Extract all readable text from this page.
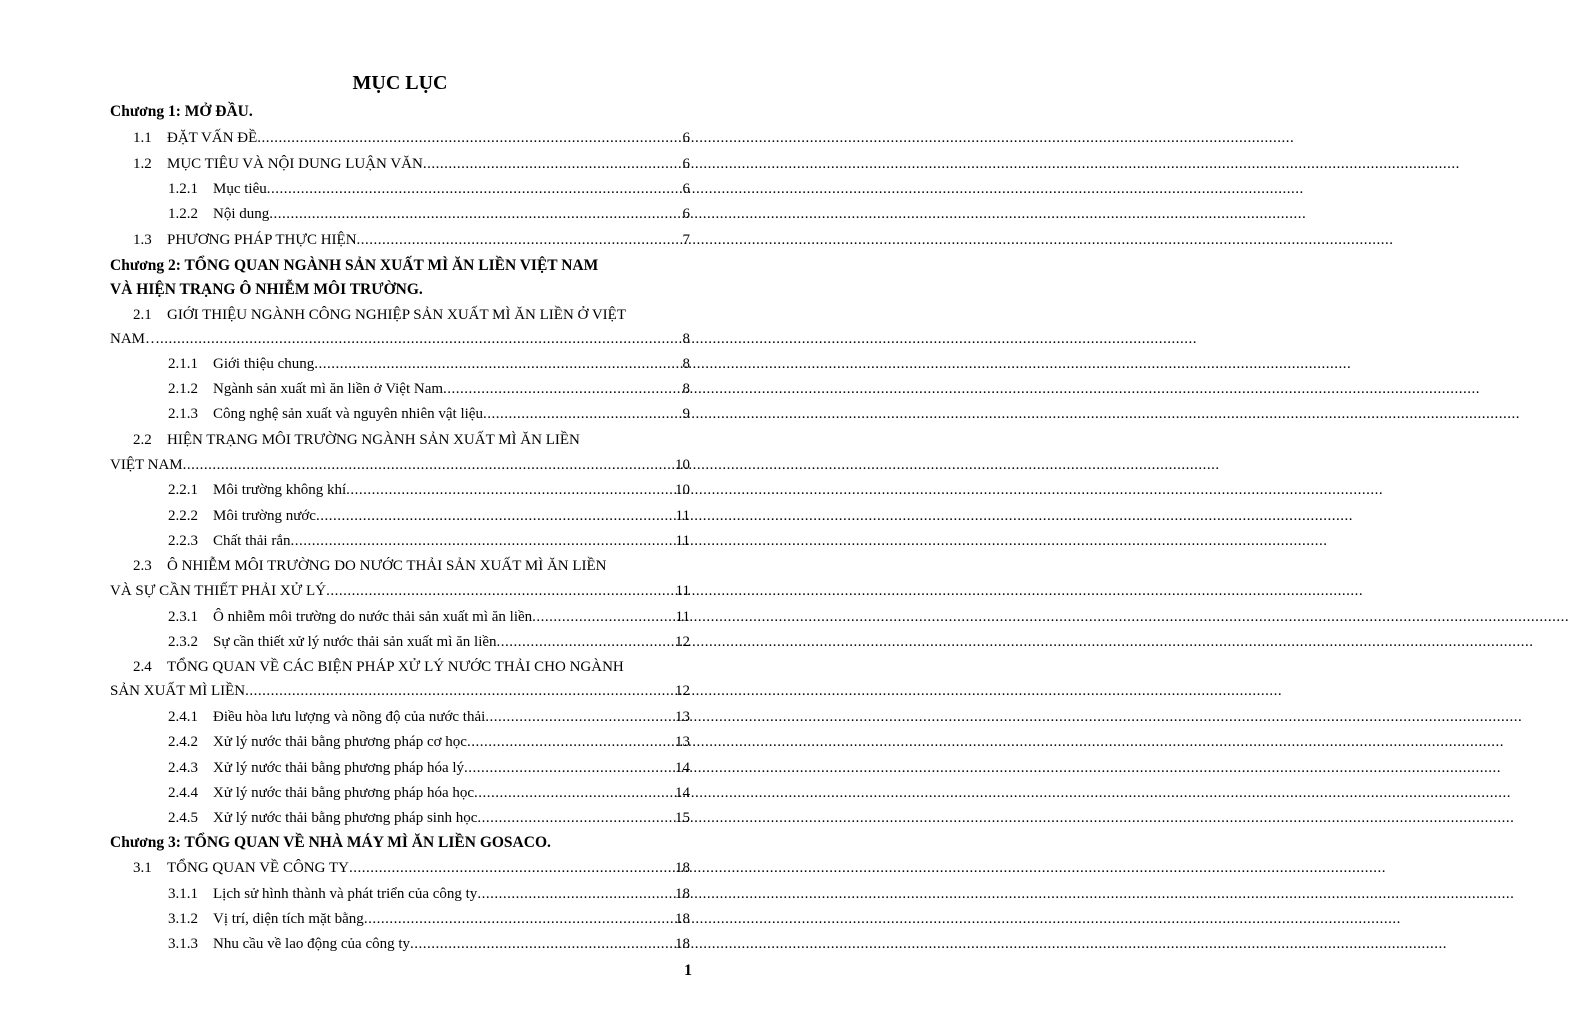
MỤC LỤC
Chương 1: MỞ ĐẦU.
1.1	ĐẶT VẤN ĐỀ .....	6
1.2	MỤC TIÊU VÀ NỘI DUNG LUẬN VĂN .....	6
1.2.1	Mục tiêu .....	6
1.2.2	Nội dung .....	6
1.3	PHƯƠNG PHÁP THỰC HIỆN .....	7
Chương 2: TỔNG QUAN NGÀNH SẢN XUẤT MÌ ĂN LIỀN VIỆT NAM
VÀ HIỆN TRẠNG Ô NHIỄM MÔI TRƯỜNG.
2.1 GIỚI THIỆU NGÀNH CÔNG NGHIỆP SẢN XUẤT MÌ ĂN LIỀN Ở VIỆT
NAM… .....	8
2.1.1	Giới thiệu chung .....	8
2.1.2	Ngành sản xuất mì ăn liền ở Việt Nam .....	8
2.1.3	Công nghệ sản xuất và nguyên nhiên vật liệu .....	9
2.2 HIỆN TRẠNG MÔI TRƯỜNG NGÀNH SẢN XUẤT MÌ ĂN LIỀN
VIỆT NAM .....	10
2.2.1	Môi trường không khí .....	10
2.2.2	Môi trường nước .....	11
2.2.3	Chất thải rắn .....	11
2.3 Ô NHIỄM MÔI TRƯỜNG DO NƯỚC THẢI SẢN XUẤT MÌ ĂN LIỀN
VÀ SỰ CẦN THIẾT PHẢI XỬ LÝ .....	11
2.3.1	Ô nhiễm môi trường do nước thải sản xuất mì ăn liền .....	11
2.3.2	Sự cần thiết xử lý nước thải sản xuất mì ăn liền .....	12
2.4 TỔNG QUAN VỀ CÁC BIỆN PHÁP XỬ LÝ NƯỚC THẢI CHO NGÀNH
SẢN XUẤT MÌ LIỀN .....	12
2.4.1	Điều hòa lưu lượng và nồng độ của nước thải .....	13
2.4.2	Xử lý nước thải bằng phương pháp cơ học .....	13
2.4.3	Xử lý nước thải bằng phương pháp hóa lý .....	14
2.4.4	Xử lý nước thải bằng phương pháp hóa học .....	14
2.4.5	Xử lý nước thải bằng phương pháp sinh học .....	15
Chương 3: TỔNG QUAN VỀ NHÀ MÁY MÌ ĂN LIỀN GOSACO.
3.1	TỔNG QUAN VỀ CÔNG TY .....	18
3.1.1	Lịch sử hình thành và phát triển của công ty .....	18
3.1.2	Vị trí, diện tích mặt bằng .....	18
3.1.3	Nhu cầu về lao động của công ty .....	18
1
